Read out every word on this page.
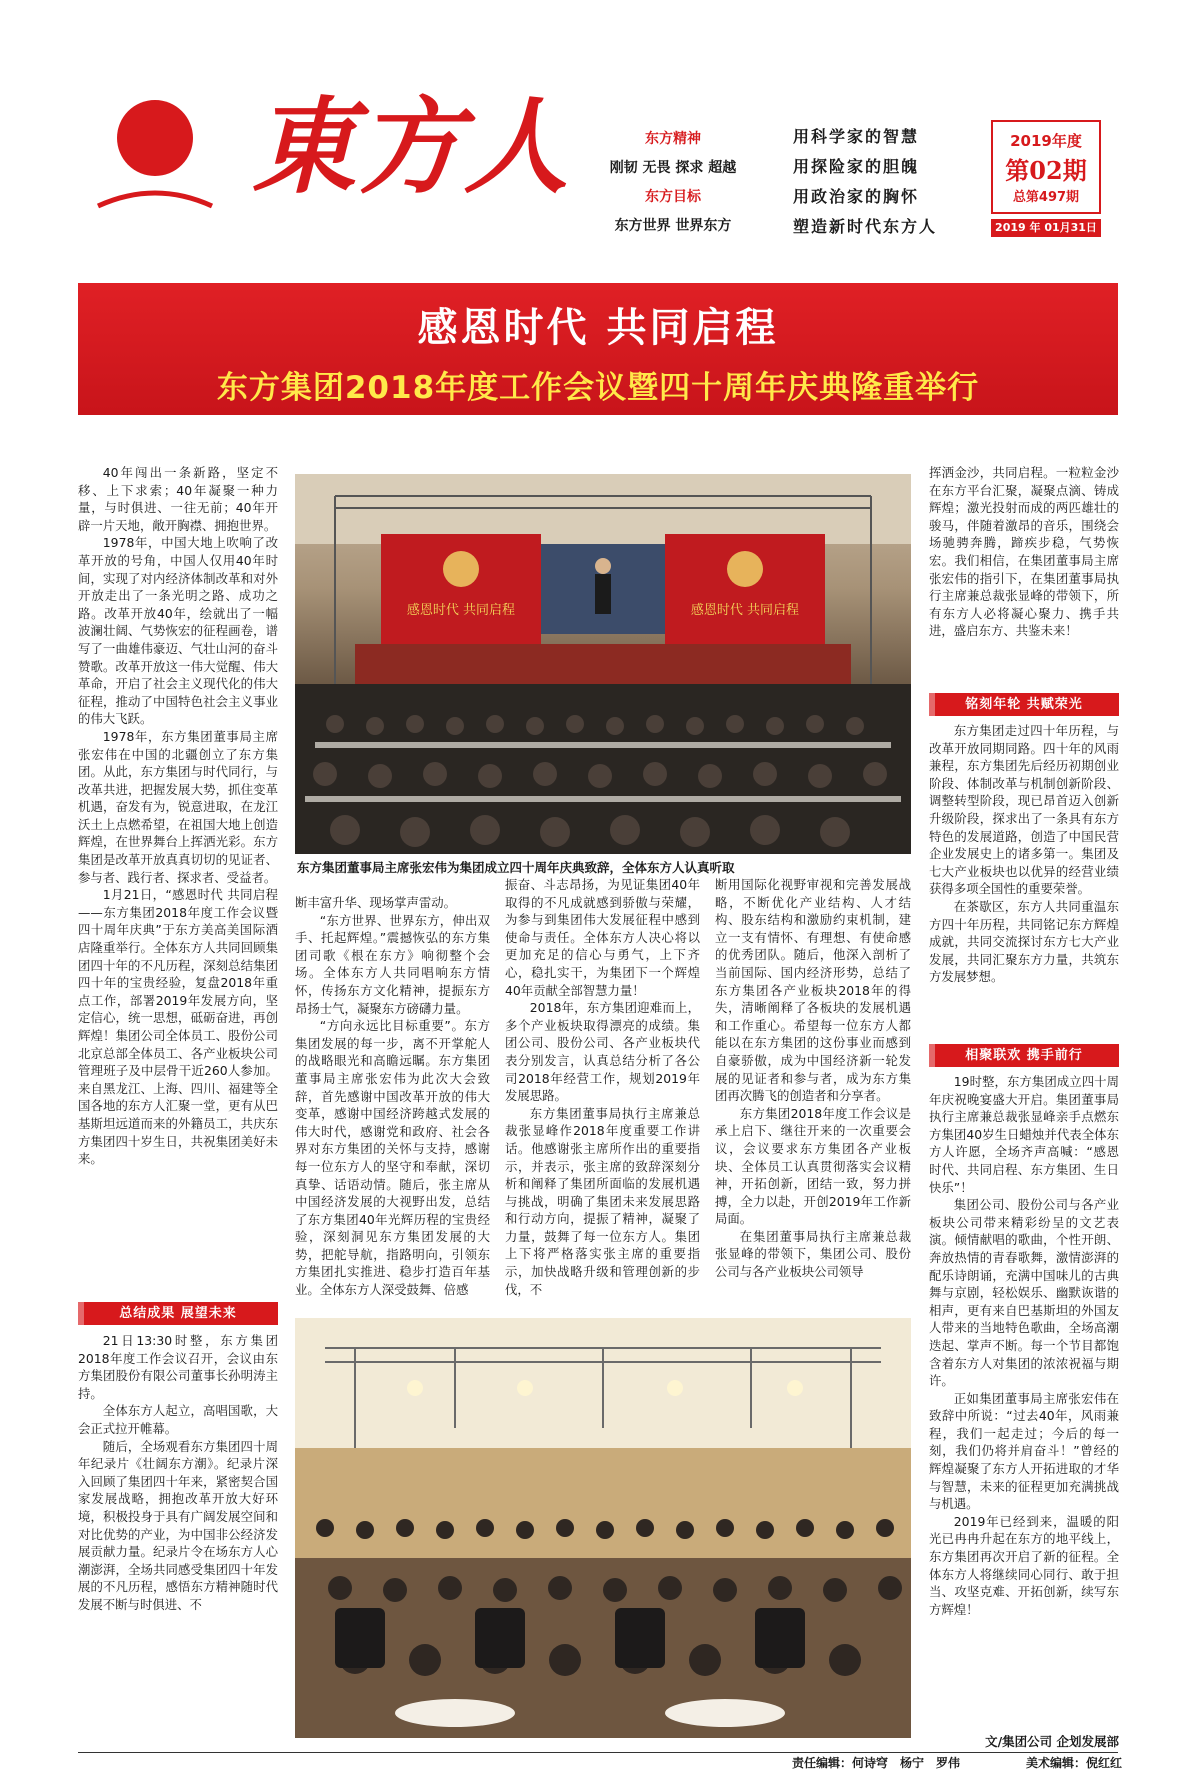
東方人	东方精神
刚韧 无畏 探求 超越
东方目标
东方世界 世界东方
用科学家的智慧
用探险家的胆魄
用政治家的胸怀
塑造新时代东方人
2019年度
第02期
总第497期
2019 年 01月31日
感恩时代 共同启程
东方集团2018年度工作会议暨四十周年庆典隆重举行

40年闯出一条新路，坚定不移、上下求索；40年凝聚一种力量，与时俱进、一往无前；40年开辟一片天地，敞开胸襟、拥抱世界。

1978年，中国大地上吹响了改革开放的号角，中国人仅用40年时间，实现了对内经济体制改革和对外开放走出了一条光明之路、成功之路。改革开放40年，绘就出了一幅波澜壮阔、气势恢宏的征程画卷，谱写了一曲雄伟豪迈、气壮山河的奋斗赞歌。改革开放这一伟大觉醒、伟大革命，开启了社会主义现代化的伟大征程，推动了中国特色社会主义事业的伟大飞跃。

1978年，东方集团董事局主席张宏伟在中国的北疆创立了东方集团。从此，东方集团与时代同行，与改革共进，把握发展大势，抓住变革机遇，奋发有为，锐意进取，在龙江沃土上点燃希望，在祖国大地上创造辉煌，在世界舞台上挥洒光彩。东方集团是改革开放真真切切的见证者、参与者、践行者、探求者、受益者。

1月21日，“感恩时代 共同启程——东方集团2018年度工作会议暨四十周年庆典”于东方美高美国际酒店隆重举行。全体东方人共同回顾集团四十年的不凡历程，深刻总结集团四十年的宝贵经验，复盘2018年重点工作，部署2019年发展方向，坚定信心，统一思想，砥砺奋进，再创辉煌！集团公司全体员工、股份公司北京总部全体员工、各产业板块公司管理班子及中层骨干近260人参加。来自黑龙江、上海、四川、福建等全国各地的东方人汇聚一堂，更有从巴基斯坦远道而来的外籍员工，共庆东方集团四十岁生日，共祝集团美好未来。

总结成果 展望未来

21日13:30时整，东方集团2018年度工作会议召开，会议由东方集团股份有限公司董事长孙明涛主持。

全体东方人起立，高唱国歌，大会正式拉开帷幕。

随后，全场观看东方集团四十周年纪录片《壮阔东方潮》。纪录片深入回顾了集团四十年来，紧密契合国家发展战略，拥抱改革开放大好环境，积极投身于具有广阔发展空间和对比优势的产业，为中国非公经济发展贡献力量。纪录片令在场东方人心潮澎湃，全场共同感受集团四十年发展的不凡历程，感悟东方精神随时代发展不断与时俱进、不

感恩时代 共同启程	感恩时代 共同启程
东方集团董事局主席张宏伟为集团成立四十周年庆典致辞，全体东方人认真听取

断丰富升华、现场掌声雷动。

“东方世界、世界东方，伸出双手、托起辉煌。”震撼恢弘的东方集团司歌《根在东方》响彻整个会场。全体东方人共同唱响东方情怀，传扬东方文化精神，提振东方昂扬士气，凝聚东方磅礴力量。

“方向永远比目标重要”。东方集团发展的每一步，离不开掌舵人的战略眼光和高瞻远瞩。东方集团董事局主席张宏伟为此次大会致辞，首先感谢中国改革开放的伟大变革，感谢中国经济跨越式发展的伟大时代，感谢党和政府、社会各界对东方集团的关怀与支持，感谢每一位东方人的坚守和奉献，深切真挚、话语动情。随后，张主席从中国经济发展的大视野出发，总结了东方集团40年光辉历程的宝贵经验，深刻洞见东方集团发展的大势，把舵导航，指路明向，引领东方集团扎实推进、稳步打造百年基业。全体东方人深受鼓舞、倍感

振奋、斗志昂扬，为见证集团40年取得的不凡成就感到骄傲与荣耀，为参与到集团伟大发展征程中感到使命与责任。全体东方人决心将以更加充足的信心与勇气，上下齐心，稳扎实干，为集团下一个辉煌40年贡献全部智慧力量！

2018年，东方集团迎难而上，多个产业板块取得漂亮的成绩。集团公司、股份公司、各产业板块代表分别发言，认真总结分析了各公司2018年经营工作，规划2019年发展思路。

东方集团董事局执行主席兼总裁张显峰作2018年度重要工作讲话。他感谢张主席所作出的重要指示，并表示，张主席的致辞深刻分析和阐释了集团所面临的发展机遇与挑战，明确了集团未来发展思路和行动方向，提振了精神，凝聚了力量，鼓舞了每一位东方人。集团上下将严格落实张主席的重要指示，加快战略升级和管理创新的步伐，不

断用国际化视野审视和完善发展战略，不断优化产业结构、人才结构、股东结构和激励约束机制，建立一支有情怀、有理想、有使命感的优秀团队。随后，他深入剖析了当前国际、国内经济形势，总结了东方集团各产业板块2018年的得失，清晰阐释了各板块的发展机遇和工作重心。希望每一位东方人都能以在东方集团的这份事业而感到自豪骄傲，成为中国经济新一轮发展的见证者和参与者，成为东方集团再次腾飞的创造者和分享者。

东方集团2018年度工作会议是承上启下、继往开来的一次重要会议，会议要求东方集团各产业板块、全体员工认真贯彻落实会议精神，开拓创新，团结一致，努力拼搏，全力以赴，开创2019年工作新局面。

在集团董事局执行主席兼总裁张显峰的带领下，集团公司、股份公司与各产业板块公司领导

挥洒金沙，共同启程。一粒粒金沙在东方平台汇聚，凝聚点滴、铸成辉煌；激光投射而成的两匹雄壮的骏马，伴随着激昂的音乐，围绕会场驰骋奔腾，蹄疾步稳，气势恢宏。我们相信，在集团董事局主席张宏伟的指引下，在集团董事局执行主席兼总裁张显峰的带领下，所有东方人必将凝心聚力、携手共进，盛启东方、共鉴未来！

铭刻年轮 共赋荣光

东方集团走过四十年历程，与改革开放同期同路。四十年的风雨兼程，东方集团先后经历初期创业阶段、体制改革与机制创新阶段、调整转型阶段，现已昂首迈入创新升级阶段，探求出了一条具有东方特色的发展道路，创造了中国民营企业发展史上的诸多第一。集团及七大产业板块也以优异的经营业绩获得多项全国性的重要荣誉。

在茶歇区，东方人共同重温东方四十年历程，共同铭记东方辉煌成就，共同交流探讨东方七大产业发展，共同汇聚东方力量，共筑东方发展梦想。

相聚联欢 携手前行

19时整，东方集团成立四十周年庆祝晚宴盛大开启。集团董事局执行主席兼总裁张显峰亲手点燃东方集团40岁生日蜡烛并代表全体东方人许愿，全场齐声高喊：“感恩时代、共同启程、东方集团、生日快乐”！

集团公司、股份公司与各产业板块公司带来精彩纷呈的文艺表演。倾情献唱的歌曲，个性开朗、奔放热情的青春歌舞，激情澎湃的配乐诗朗诵，充满中国味儿的古典舞与京剧，轻松娱乐、幽默诙谐的相声，更有来自巴基斯坦的外国友人带来的当地特色歌曲，全场高潮迭起、掌声不断。每一个节目都饱含着东方人对集团的浓浓祝福与期许。

正如集团董事局主席张宏伟在致辞中所说：“过去40年，风雨兼程，我们一起走过；今后的每一刻，我们仍将并肩奋斗！”曾经的辉煌凝聚了东方人开拓进取的才华与智慧，未来的征程更加充满挑战与机遇。

2019年已经到来，温暖的阳光已冉冉升起在东方的地平线上，东方集团再次开启了新的征程。全体东方人将继续同心同行、敢于担当、攻坚克难、开拓创新，续写东方辉煌！

文/集团公司 企划发展部
责任编辑：何诗穹　杨宁　罗伟	美术编辑：倪红红
